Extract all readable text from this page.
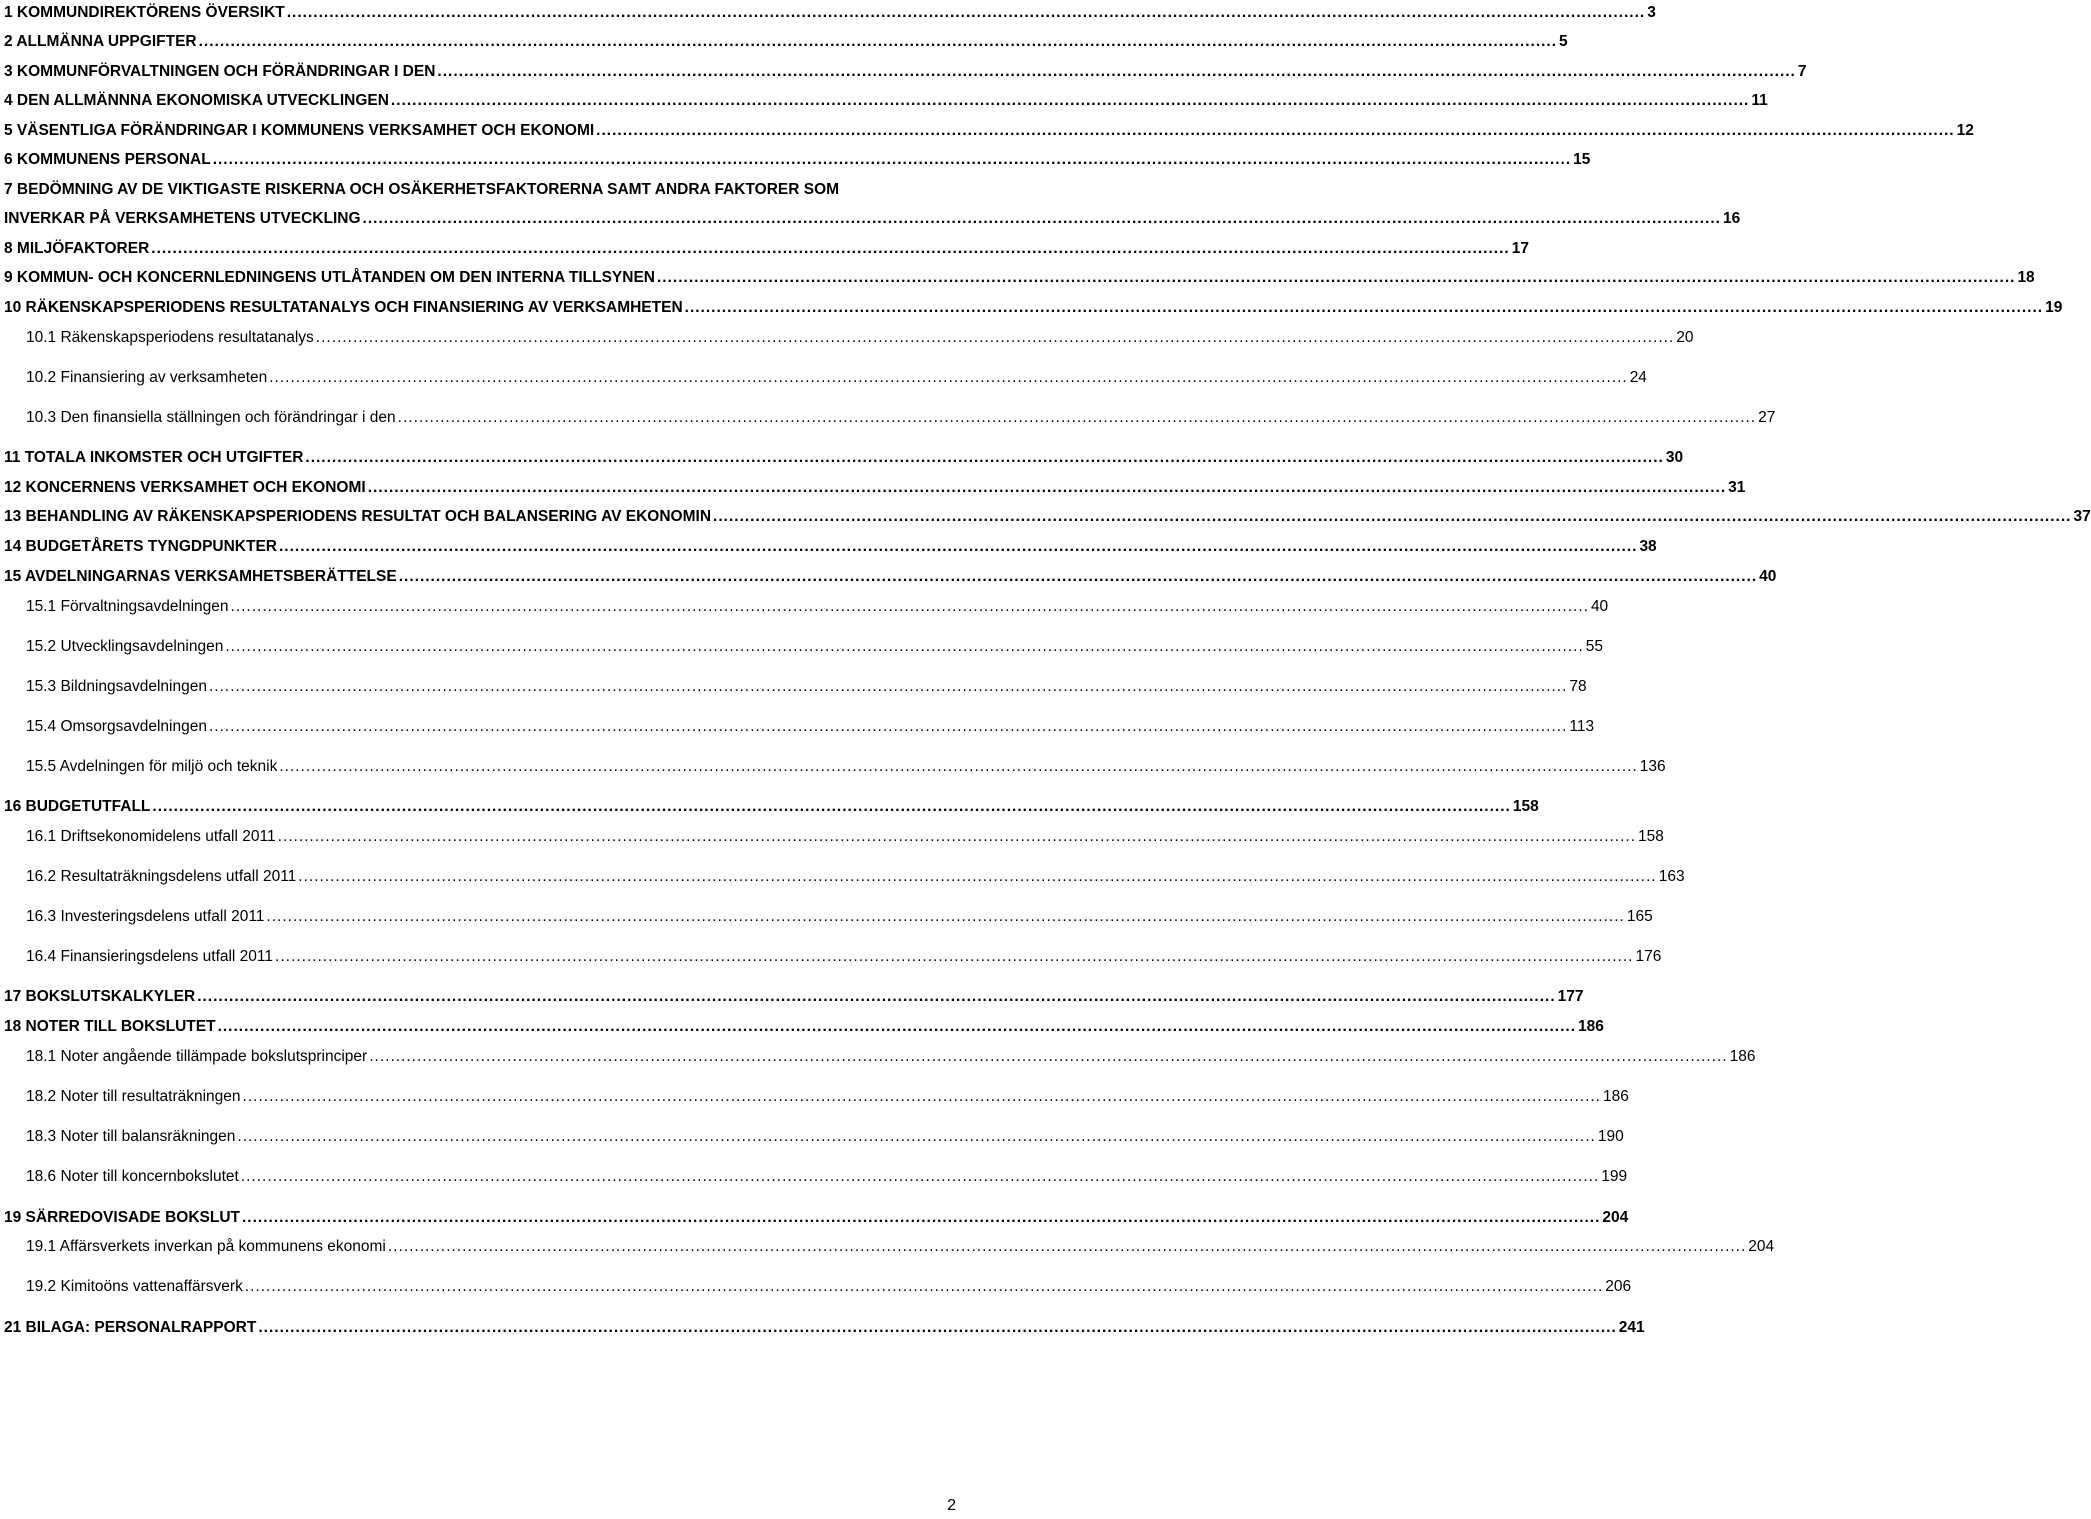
1 KOMMUNDIREKTÖRENS ÖVERSIKT .....	3
2 ALLMÄNNA UPPGIFTER .....	5
3 KOMMUNFÖRVALTNINGEN OCH FÖRÄNDRINGAR I DEN .....	7
4 DEN ALLMÄNNNA EKONOMISKA UTVECKLINGEN .....	11
5 VÄSENTLIGA FÖRÄNDRINGAR I KOMMUNENS VERKSAMHET OCH EKONOMI .....	12
6 KOMMUNENS PERSONAL .....	15
7 BEDÖMNING AV DE VIKTIGASTE RISKERNA OCH OSÄKERHETSFAKTORERNA SAMT ANDRA FAKTORER SOM
INVERKAR PÅ VERKSAMHETENS UTVECKLING .....	16
8 MILJÖFAKTORER .....	17
9 KOMMUN- OCH KONCERNLEDNINGENS UTLÅTANDEN OM DEN INTERNA TILLSYNEN .....	18
10 RÄKENSKAPSPERIODENS RESULTATANALYS OCH FINANSIERING AV VERKSAMHETEN .....	19
10.1 Räkenskapsperiodens resultatanalys .....	20
10.2 Finansiering av verksamheten .....	24
10.3 Den finansiella ställningen och förändringar i den .....	27
11 TOTALA INKOMSTER OCH UTGIFTER .....	30
12 KONCERNENS VERKSAMHET OCH EKONOMI .....	31
13 BEHANDLING AV RÄKENSKAPSPERIODENS RESULTAT OCH BALANSERING AV EKONOMIN .....	37
14 BUDGETÅRETS TYNGDPUNKTER .....	38
15 AVDELNINGARNAS VERKSAMHETSBERÄTTELSE .....	40
15.1 Förvaltningsavdelningen .....	40
15.2 Utvecklingsavdelningen .....	55
15.3 Bildningsavdelningen .....	78
15.4 Omsorgsavdelningen .....	113
15.5 Avdelningen för miljö och teknik .....	136
16 BUDGETUTFALL .....	158
16.1 Driftsekonomidelens utfall 2011 .....	158
16.2 Resultaträkningsdelens utfall 2011 .....	163
16.3 Investeringsdelens utfall 2011 .....	165
16.4 Finansieringsdelens utfall 2011 .....	176
17 BOKSLUTSKALKYLER .....	177
18 NOTER TILL BOKSLUTET .....	186
18.1 Noter angående tillämpade bokslutsprinciper .....	186
18.2 Noter till resultaträkningen .....	186
18.3 Noter till balansräkningen .....	190
18.6 Noter till koncernbokslutet .....	199
19 SÄRREDOVISADE BOKSLUT .....	204
19.1 Affärsverkets inverkan på kommunens ekonomi .....	204
19.2 Kimitoöns vattenaffärsverk .....	206
21 BILAGA: PERSONALRAPPORT .....	241
2
